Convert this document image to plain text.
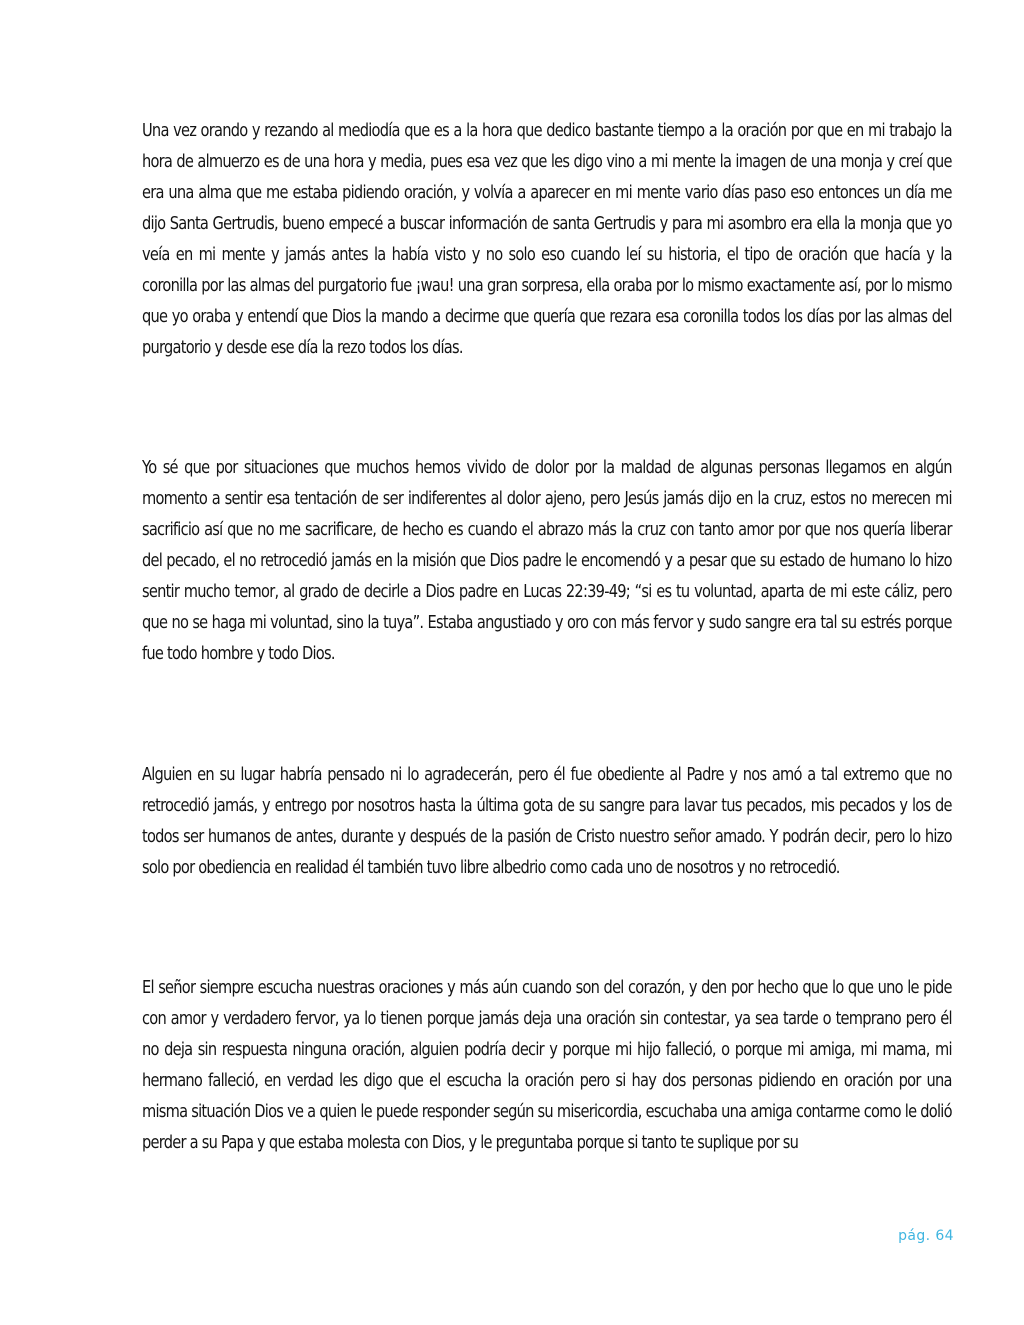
Una vez orando y rezando al mediodía que es a la hora que dedico bastante tiempo a la oración por que en mi trabajo la hora de almuerzo es de una hora y media, pues esa vez que les digo vino a mi mente la imagen de una monja y creí que era una alma que me estaba pidiendo oración, y volvía a aparecer en mi mente vario días paso eso entonces un día me dijo Santa Gertrudis, bueno empecé a buscar información de santa Gertrudis y para mi asombro era ella la monja que yo veía en mi mente y jamás antes la había visto y no solo eso cuando leí su historia, el tipo de oración que hacía y la coronilla por las almas del purgatorio fue ¡wau! una gran sorpresa, ella oraba por lo mismo exactamente así, por lo mismo que yo oraba y entendí que Dios la mando a decirme que quería que rezara esa coronilla todos los días por las almas del purgatorio y desde ese día la rezo todos los días.

Yo sé que por situaciones que muchos hemos vivido de dolor por la maldad de algunas personas llegamos en algún momento a sentir esa tentación de ser indiferentes al dolor ajeno, pero Jesús jamás dijo en la cruz, estos no merecen mi sacrificio así que no me sacrificare, de hecho es cuando el abrazo más la cruz con tanto amor por que nos quería liberar del pecado, el no retrocedió jamás en la misión que Dios padre le encomendó y a pesar que su estado de humano lo hizo sentir mucho temor, al grado de decirle a Dios padre en Lucas 22:39-49; “si es tu voluntad, aparta de mi este cáliz, pero que no se haga mi voluntad, sino la tuya”. Estaba angustiado y oro con más fervor y sudo sangre era tal su estrés porque fue todo hombre y todo Dios.

Alguien en su lugar habría pensado ni lo agradecerán, pero él fue obediente al Padre y nos amó a tal extremo que no retrocedió jamás, y entrego por nosotros hasta la última gota de su sangre para lavar tus pecados, mis pecados y los de todos ser humanos de antes, durante y después de la pasión de Cristo nuestro señor amado. Y podrán decir, pero lo hizo solo por obediencia en realidad él también tuvo libre albedrio como cada uno de nosotros y no retrocedió.

El señor siempre escucha nuestras oraciones y más aún cuando son del corazón, y den por hecho que lo que uno le pide con amor y verdadero fervor, ya lo tienen porque jamás deja una oración sin contestar, ya sea tarde o temprano pero él no deja sin respuesta ninguna oración, alguien podría decir y porque mi hijo falleció, o porque mi amiga, mi mama, mi hermano falleció, en verdad les digo que el escucha la oración pero si hay dos personas pidiendo en oración por una misma situación Dios ve a quien le puede responder según su misericordia, escuchaba una amiga contarme como le dolió perder a su Papa y que estaba molesta con Dios, y le preguntaba porque si tanto te suplique por su

pág. 64
